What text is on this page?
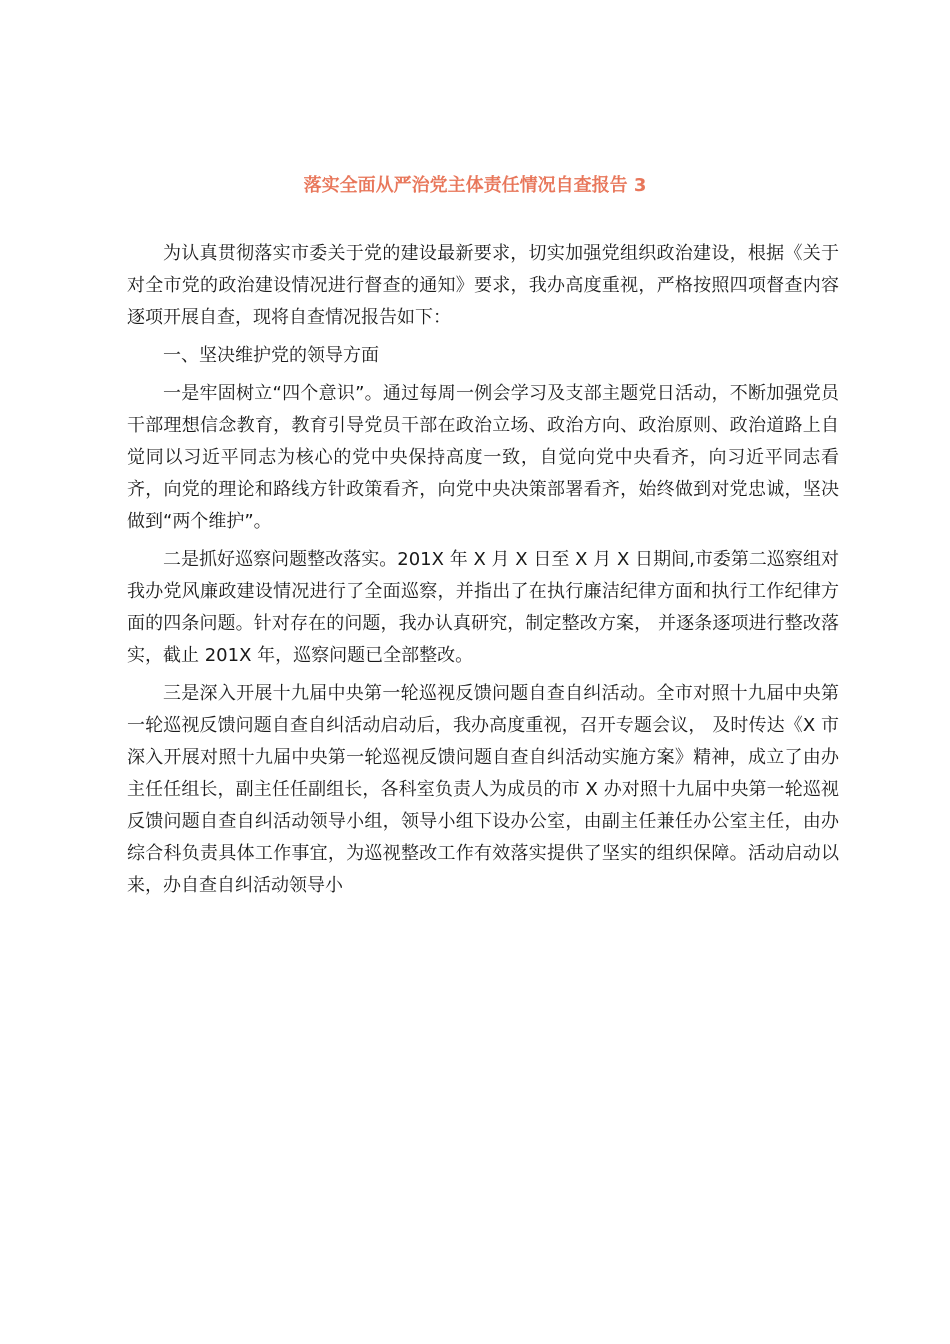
落实全面从严治党主体责任情况自查报告 3

为认真贯彻落实市委关于党的建设最新要求，切实加强党组织政治建设，根据《关于对全市党的政治建设情况进行督查的通知》要求，我办高度重视，严格按照四项督查内容逐项开展自查，现将自查情况报告如下：

一、坚决维护党的领导方面

一是牢固树立“四个意识”。通过每周一例会学习及支部主题党日活动，不断加强党员干部理想信念教育，教育引导党员干部在政治立场、政治方向、政治原则、政治道路上自觉同以习近平同志为核心的党中央保持高度一致，自觉向党中央看齐，向习近平同志看齐，向党的理论和路线方针政策看齐，向党中央决策部署看齐，始终做到对党忠诚，坚决做到“两个维护”。

二是抓好巡察问题整改落实。201X 年 X 月 X 日至 X 月 X 日期间,市委第二巡察组对我办党风廉政建设情况进行了全面巡察，并指出了在执行廉洁纪律方面和执行工作纪律方面的四条问题。针对存在的问题，我办认真研究，制定整改方案， 并逐条逐项进行整改落实，截止 201X 年，巡察问题已全部整改。

三是深入开展十九届中央第一轮巡视反馈问题自查自纠活动。全市对照十九届中央第一轮巡视反馈问题自查自纠活动启动后，我办高度重视，召开专题会议， 及时传达《X 市深入开展对照十九届中央第一轮巡视反馈问题自查自纠活动实施方案》精神，成立了由办主任任组长，副主任任副组长，各科室负责人为成员的市 X 办对照十九届中央第一轮巡视反馈问题自查自纠活动领导小组，领导小组下设办公室，由副主任兼任办公室主任，由办综合科负责具体工作事宜，为巡视整改工作有效落实提供了坚实的组织保障。活动启动以来，办自查自纠活动领导小
